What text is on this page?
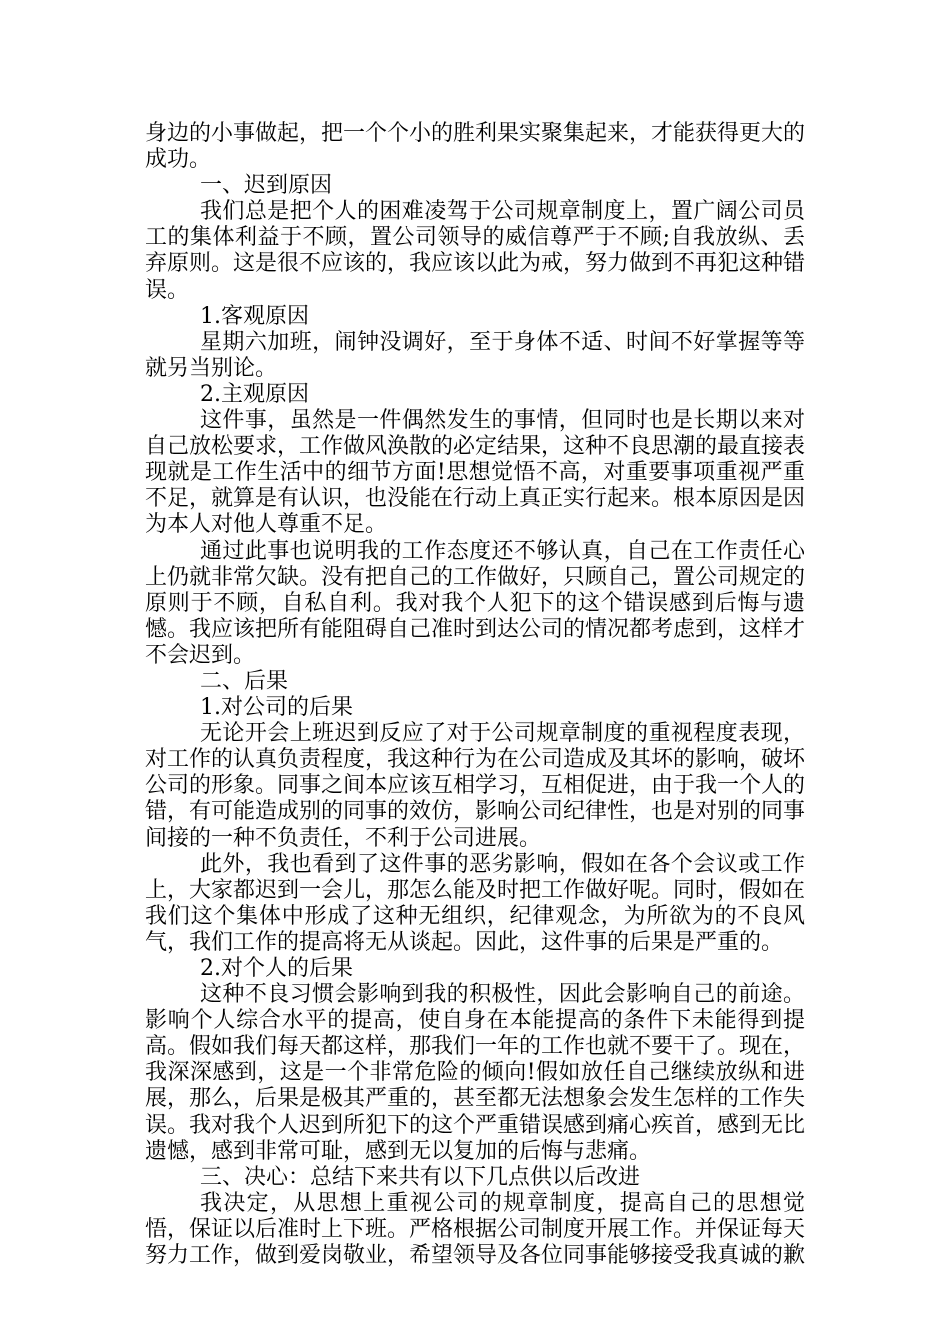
身边的小事做起，把一个个小的胜利果实聚集起来，才能获得更大的成功。

一、迟到原因

我们总是把个人的困难凌驾于公司规章制度上，置广阔公司员工的集体利益于不顾，置公司领导的威信尊严于不顾;自我放纵、丢弃原则。这是很不应该的，我应该以此为戒，努力做到不再犯这种错误。

1.客观原因

星期六加班，闹钟没调好，至于身体不适、时间不好掌握等等就另当别论。

2.主观原因

这件事，虽然是一件偶然发生的事情，但同时也是长期以来对自己放松要求，工作做风涣散的必定结果，这种不良思潮的最直接表现就是工作生活中的细节方面!思想觉悟不高，对重要事项重视严重不足，就算是有认识，也没能在行动上真正实行起来。根本原因是因为本人对他人尊重不足。

通过此事也说明我的工作态度还不够认真，自己在工作责任心上仍就非常欠缺。没有把自己的工作做好，只顾自己，置公司规定的原则于不顾，自私自利。我对我个人犯下的这个错误感到后悔与遗憾。我应该把所有能阻碍自己准时到达公司的情况都考虑到，这样才不会迟到。

二、后果

1.对公司的后果

无论开会上班迟到反应了对于公司规章制度的重视程度表现，对工作的认真负责程度，我这种行为在公司造成及其坏的影响，破坏公司的形象。同事之间本应该互相学习，互相促进，由于我一个人的错，有可能造成别的同事的效仿，影响公司纪律性，也是对别的同事间接的一种不负责任，不利于公司进展。

此外，我也看到了这件事的恶劣影响，假如在各个会议或工作上，大家都迟到一会儿，那怎么能及时把工作做好呢。同时，假如在我们这个集体中形成了这种无组织，纪律观念，为所欲为的不良风气，我们工作的提高将无从谈起。因此，这件事的后果是严重的。

2.对个人的后果

这种不良习惯会影响到我的积极性，因此会影响自己的前途。影响个人综合水平的提高，使自身在本能提高的条件下未能得到提高。假如我们每天都这样，那我们一年的工作也就不要干了。现在，我深深感到，这是一个非常危险的倾向!假如放任自己继续放纵和进展，那么，后果是极其严重的，甚至都无法想象会发生怎样的工作失误。我对我个人迟到所犯下的这个严重错误感到痛心疾首，感到无比遗憾，感到非常可耻，感到无以复加的后悔与悲痛。

三、决心：总结下来共有以下几点供以后改进

我决定，从思想上重视公司的规章制度，提高自己的思想觉悟，保证以后准时上下班。严格根据公司制度开展工作。并保证每天努力工作，做到爱岗敬业，希望领导及各位同事能够接受我真诚的歉
